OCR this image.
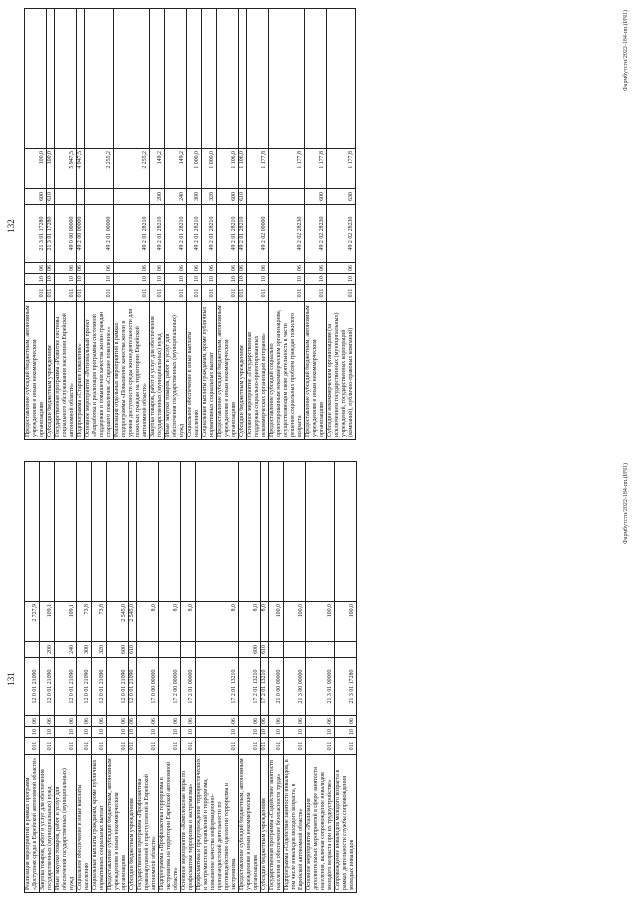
131
Реализация мероприятий в рамках программ «Доступная среда в Еврейской автономной области»	011	10	06	12 0 01 21090		2 727,9	
Закупка товаров, работ и услуг для обеспечения государственных (муниципальных) нужд	011	10	06	12 0 01 21090	200	109,1	
Иные закупки товаров, работ и услуг для обеспечения государственных (муниципальных) нужд	011	10	06	12 0 01 21090	240	109,1	
Социальное обеспечение и иные выплаты населению	011	10	06	12 0 01 21090	300	73,8	
Социальные выплаты гражданам, кроме публичных нормативных социальных выплат	011	10	06	12 0 01 21090	320	73,8	
Предоставление субсидий бюджетным, автономным учреждениям и иным некоммерческим организациям	011	10	06	12 0 01 21090	600	2 545,0	
Субсидии бюджетным учреждениям	011	10	06	12 0 01 21090	610	2 545,0	
Государственная программа «Профилактика правонарушений и преступлений в Еврейской автономной области»	011	10	06	17 0 00 00000		8,0	
Подпрограмма «Профилактика терроризма и экстремизма на территории Еврейской автономной области»	011	10	06	17 2 00 00000		8,0	
Основное мероприятие «Комплексные меры по профилактике терроризма и экстремизма»	011	10	06	17 2 01 00000		8,0	
Профилактика и предупреждение террористических и экстремистских проявлений и терроризма, повышение качества информационно-пропагандистской деятельности по противодействию идеологии терроризма и экстремизма	011	10	06	17 2 01 13210		8,0	
Предоставление субсидий бюджетным, автономным учреждениям и иным некоммерческим организациям	011	10	06	17 2 01 13210	600	8,0	
Субсидии бюджетным учреждениям	011	10	06	17 2 01 13210	610	8,0	
Государственная программа «Содействие занятости населения и обеспечение безопасности труда»	011	10	06	21 0 00 00000		100,0	
Подпрограмма «Содействие занятости инвалидов, в том числе инвалидов молодого возраста, в Еврейской автономной области»	011	10	06	21 3 00 00000		100,0	
Основное мероприятие «Реализация дополнительных мероприятий в сфере занятости населения, включая сопровождение инвалидов молодого возраста при их трудоустройстве»	011	10	06	21 3 01 00000		100,0	
Сопровождение инвалидов молодого возраста в рамках деятельности службы сопровождения молодых инвалидов	011	10	06	21 3 01 17280		100,0	
Фармбутсти/2022-184-пп.(ИЧ1)
132
Предоставление субсидий бюджетным, автономным учреждениям и иным некоммерческим организациям	011	10	06	21 3 01 17280	600	100,0	
Субсидии бюджетным учреждениям	011	10	06	21 3 01 17280	610	100,0	
Государственная программа «Развитие системы социального обслуживания населения Еврейской автономной области»	011	10	06	49 0 00 00000		5 947,5	
Подпрограмма «Старшее поколение»	011	10	06	49 2 00 00000		4 947,5	
Основное мероприятие «Региональный проект «Разработка и реализация программы системной поддержки и повышения качества жизни граждан старшего поколения «Старшее поколение»»	011	10	06	49 2 01 00000		2 255,2	
Реализация отдельных мероприятий в рамках подпрограммы «Повышение качества жизни и уровня доступности среды жизнедеятельности для пожилых граждан на территории Еврейской автономной области»	011	10	06	49 2 01 28210		2 255,2	
Закупка товаров, работ и услуг для обеспечения государственных (муниципальных) нужд	011	10	06	49 2 01 28210	200	149,2	
Иные закупки товаров, работ и услуг для обеспечения государственных (муниципальных) нужд	011	10	06	49 2 01 28210	240	149,2	
Социальное обеспечение и иные выплаты населению	011	10	06	49 2 01 28210	300	1 000,0	
Социальные выплаты гражданам, кроме публичных нормативных социальных выплат	011	10	06	49 2 01 28210	320	1 000,0	
Предоставление субсидий бюджетным, автономным учреждениям и иным некоммерческим организациям	011	10	06	49 2 01 28210	600	1 106,0	
Субсидии бюджетным учреждениям	011	10	06	49 2 01 28210	610	1 106,0	
Основное мероприятие «Государственная поддержка социально-ориентированных некоммерческих организаций ветеранов»	011	10	06	49 2 02 00000		1 177,8	
Предоставление субсидий социально ориентированным некоммерческим организациям, осуществляющим свою деятельность в части решения социальных проблем граждан пожилого возраста	011	10	06	49 2 02 28230		1 177,8	
Предоставление субсидий бюджетным, автономным учреждениям и иным некоммерческим организациям	011	10	06	49 2 02 28230	600	1 177,8	
Субсидии некоммерческим организациям (за исключением государственных (муниципальных) учреждений, государственных корпораций (компаний), публично-правовых компаний)	011	10	06	49 2 02 28230	630	1 177,8	
Фармбутсти/2022-184-пп.(ИЧ1)
